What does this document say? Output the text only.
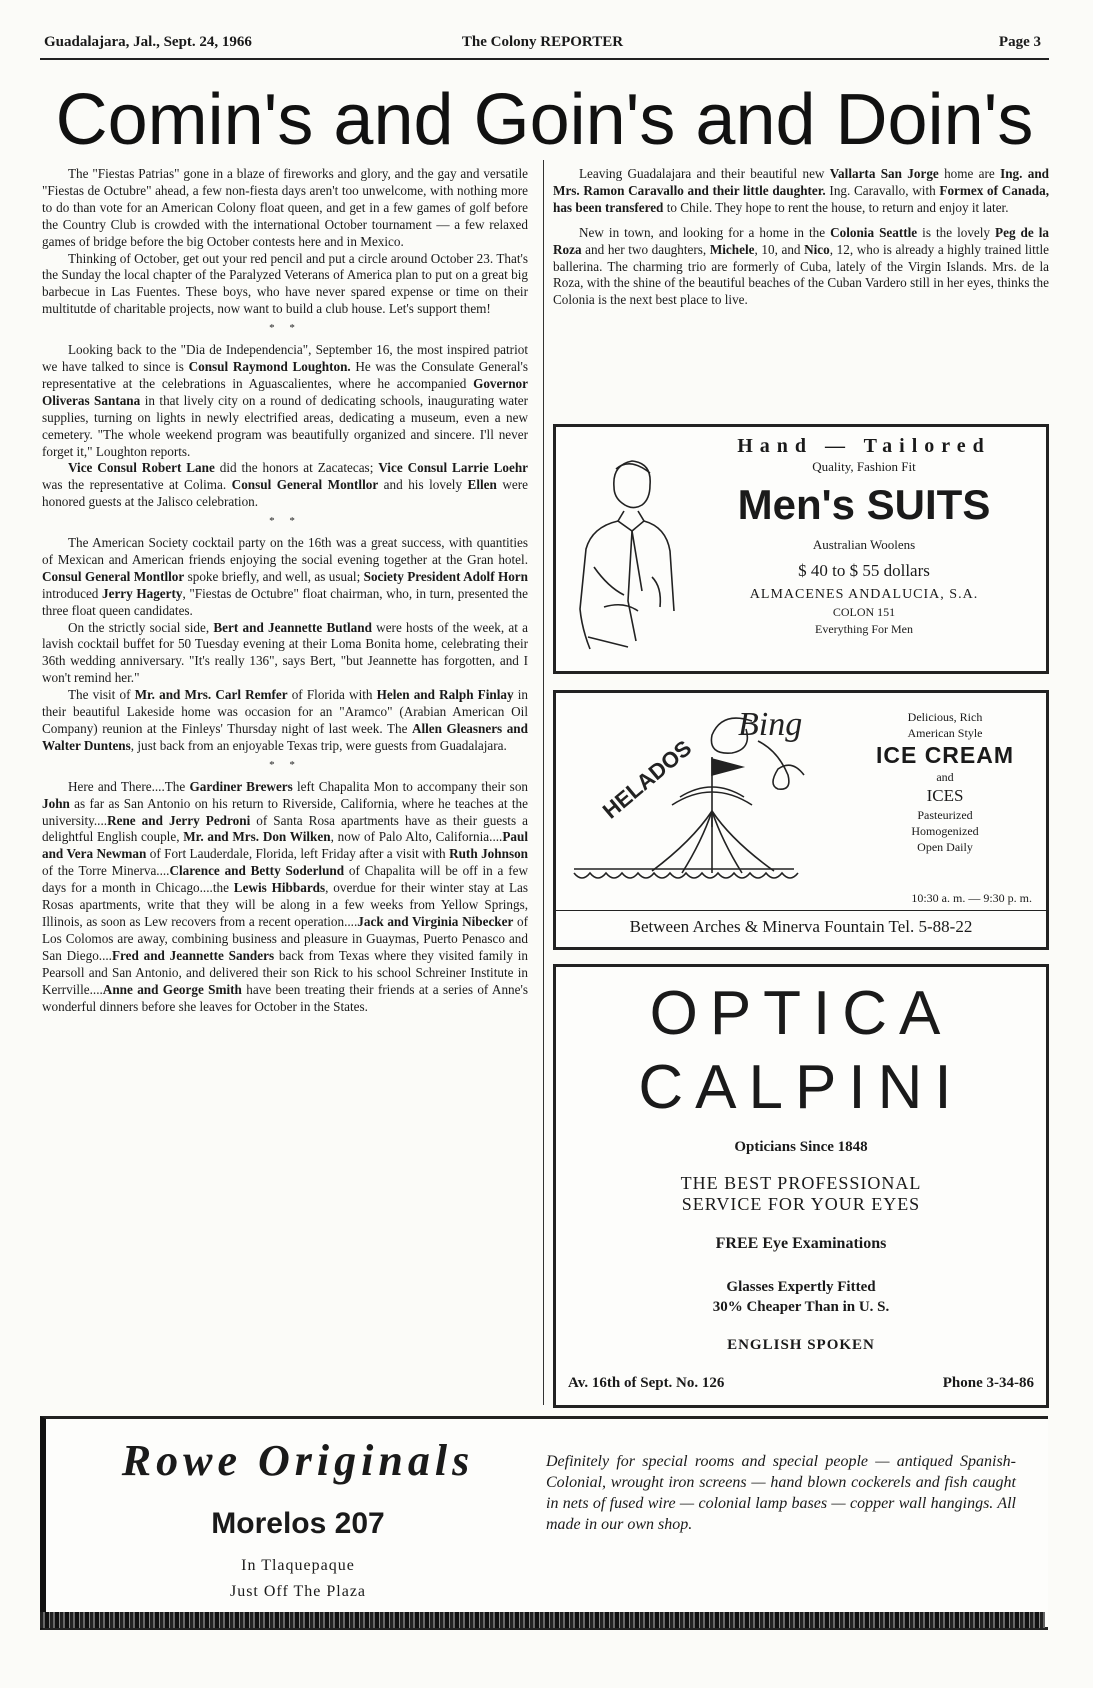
Guadalajara, Jal., Sept. 24, 1966	The Colony REPORTER	Page 3
Comin's and Goin's and Doin's

The "Fiestas Patrias" gone in a blaze of fireworks and glory, and the gay and versatile "Fiestas de Octubre" ahead, a few non-fiesta days aren't too unwelcome, with nothing more to do than vote for an American Colony float queen, and get in a few games of golf before the Country Club is crowded with the international October tournament — a few relaxed games of bridge before the big October contests here and in Mexico.

Thinking of October, get out your red pencil and put a circle around October 23. That's the Sunday the local chapter of the Paralyzed Veterans of America plan to put on a great big barbecue in Las Fuentes. These boys, who have never spared expense or time on their multitutde of charitable projects, now want to build a club house. Let's support them!

* *

Looking back to the "Dia de Independencia", September 16, the most inspired patriot we have talked to since is Consul Raymond Loughton. He was the Consulate General's representative at the celebrations in Aguascalientes, where he accompanied Governor Oliveras Santana in that lively city on a round of dedicating schools, inaugurating water supplies, turning on lights in newly electrified areas, dedicating a museum, even a new cemetery. "The whole weekend program was beautifully organized and sincere. I'll never forget it," Loughton reports.

Vice Consul Robert Lane did the honors at Zacatecas; Vice Consul Larrie Loehr was the representative at Colima. Consul General Montllor and his lovely Ellen were honored guests at the Jalisco celebration.

* *

The American Society cocktail party on the 16th was a great success, with quantities of Mexican and American friends enjoying the social evening together at the Gran hotel. Consul General Montllor spoke briefly, and well, as usual; Society President Adolf Horn introduced Jerry Hagerty, "Fiestas de Octubre" float chairman, who, in turn, presented the three float queen candidates.

On the strictly social side, Bert and Jeannette Butland were hosts of the week, at a lavish cocktail buffet for 50 Tuesday evening at their Loma Bonita home, celebrating their 36th wedding anniversary. "It's really 136", says Bert, "but Jeannette has forgotten, and I won't remind her."

The visit of Mr. and Mrs. Carl Remfer of Florida with Helen and Ralph Finlay in their beautiful Lakeside home was occasion for an "Aramco" (Arabian American Oil Company) reunion at the Finleys' Thursday night of last week. The Allen Gleasners and Walter Duntens, just back from an enjoyable Texas trip, were guests from Guadalajara.

* *

Here and There....The Gardiner Brewers left Chapalita Mon to accompany their son John as far as San Antonio on his return to Riverside, California, where he teaches at the university....Rene and Jerry Pedroni of Santa Rosa apartments have as their guests a delightful English couple, Mr. and Mrs. Don Wilken, now of Palo Alto, California....Paul and Vera Newman of Fort Lauderdale, Florida, left Friday after a visit with Ruth Johnson of the Torre Minerva....Clarence and Betty Soderlund of Chapalita will be off in a few days for a month in Chicago....the Lewis Hibbards, overdue for their winter stay at Las Rosas apartments, write that they will be along in a few weeks from Yellow Springs, Illinois, as soon as Lew recovers from a recent operation....Jack and Virginia Nibecker of Los Colomos are away, combining business and pleasure in Guaymas, Puerto Penasco and San Diego....Fred and Jeannette Sanders back from Texas where they visited family in Pearsoll and San Antonio, and delivered their son Rick to his school Schreiner Institute in Kerrville....Anne and George Smith have been treating their friends at a series of Anne's wonderful dinners before she leaves for October in the States.

Leaving Guadalajara and their beautiful new Vallarta San Jorge home are Ing. and Mrs. Ramon Caravallo and their little daughter. Ing. Caravallo, with Formex of Canada, has been transfered to Chile. They hope to rent the house, to return and enjoy it later.

New in town, and looking for a home in the Colonia Seattle is the lovely Peg de la Roza and her two daughters, Michele, 10, and Nico, 12, who is already a highly trained little ballerina. The charming trio are formerly of Cuba, lately of the Virgin Islands. Mrs. de la Roza, with the shine of the beautiful beaches of the Cuban Vardero still in her eyes, thinks the Colonia is the next best place to live.

Hand — Tailored
Quality, Fashion Fit
Men's SUITS
Australian Woolens
$ 40 to $ 55 dollars
ALMACENES ANDALUCIA, S.A.
COLON 151
Everything For Men
HELADOS
Bing	Delicious, Rich
American Style
ICE CREAM
and
ICES
Pasteurized
Homogenized
Open Daily
10:30 a. m. — 9:30 p. m.
Between Arches & Minerva Fountain Tel. 5-88-22
OPTICA
CALPINI
Opticians Since 1848
THE BEST PROFESSIONAL
SERVICE FOR YOUR EYES
FREE Eye Examinations
Glasses Expertly Fitted
30% Cheaper Than in U. S.
ENGLISH SPOKEN
Av. 16th of Sept. No. 126	Phone 3-34-86
Rowe Originals
Morelos 207
In Tlaquepaque
Just Off The Plaza
Definitely for special rooms and special people — antiqued Spanish-Colonial, wrought iron screens — hand blown cockerels and fish caught in nets of fused wire — colonial lamp bases — copper wall hangings. All made in our own shop.
